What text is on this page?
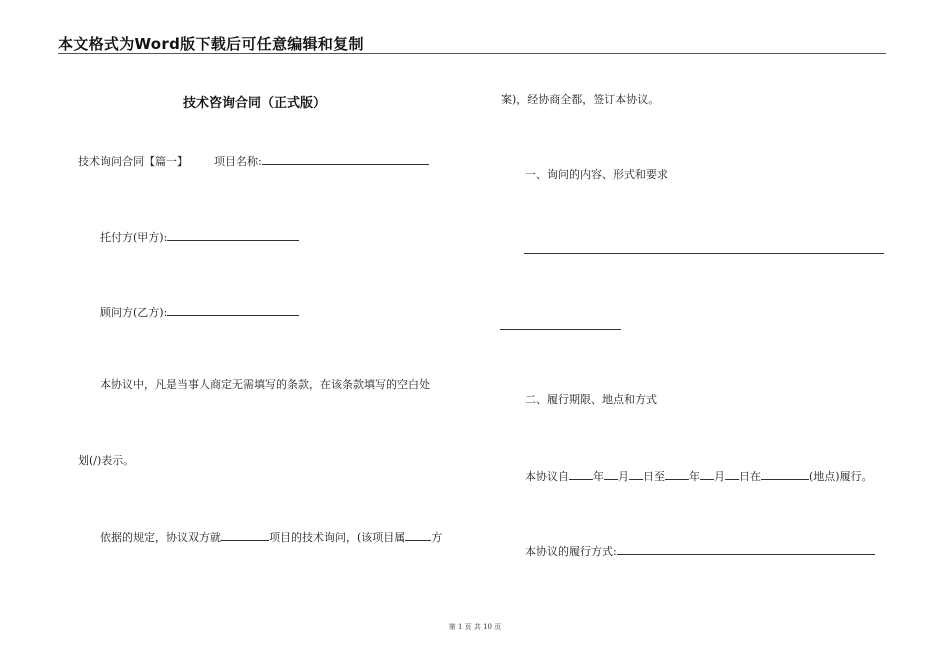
本文格式为Word版下载后可任意编辑和复制
技术咨询合同（正式版）
技术询问合同【篇一】 项目名称:
托付方(甲方):
顾问方(乙方):
本协议中，凡是当事人商定无需填写的条款，在该条款填写的空白处
划(/)表示。
依据的规定，协议双方就	项目的技术询问，(该项目属 方
案)，经协商全都，签订本协议。
一、询问的内容、形式和要求
二、履行期限、地点和方式
本协议自 年 月 日至 年 月 日在	(地点)履行。
本协议的履行方式:
第 1 页 共 10 页
